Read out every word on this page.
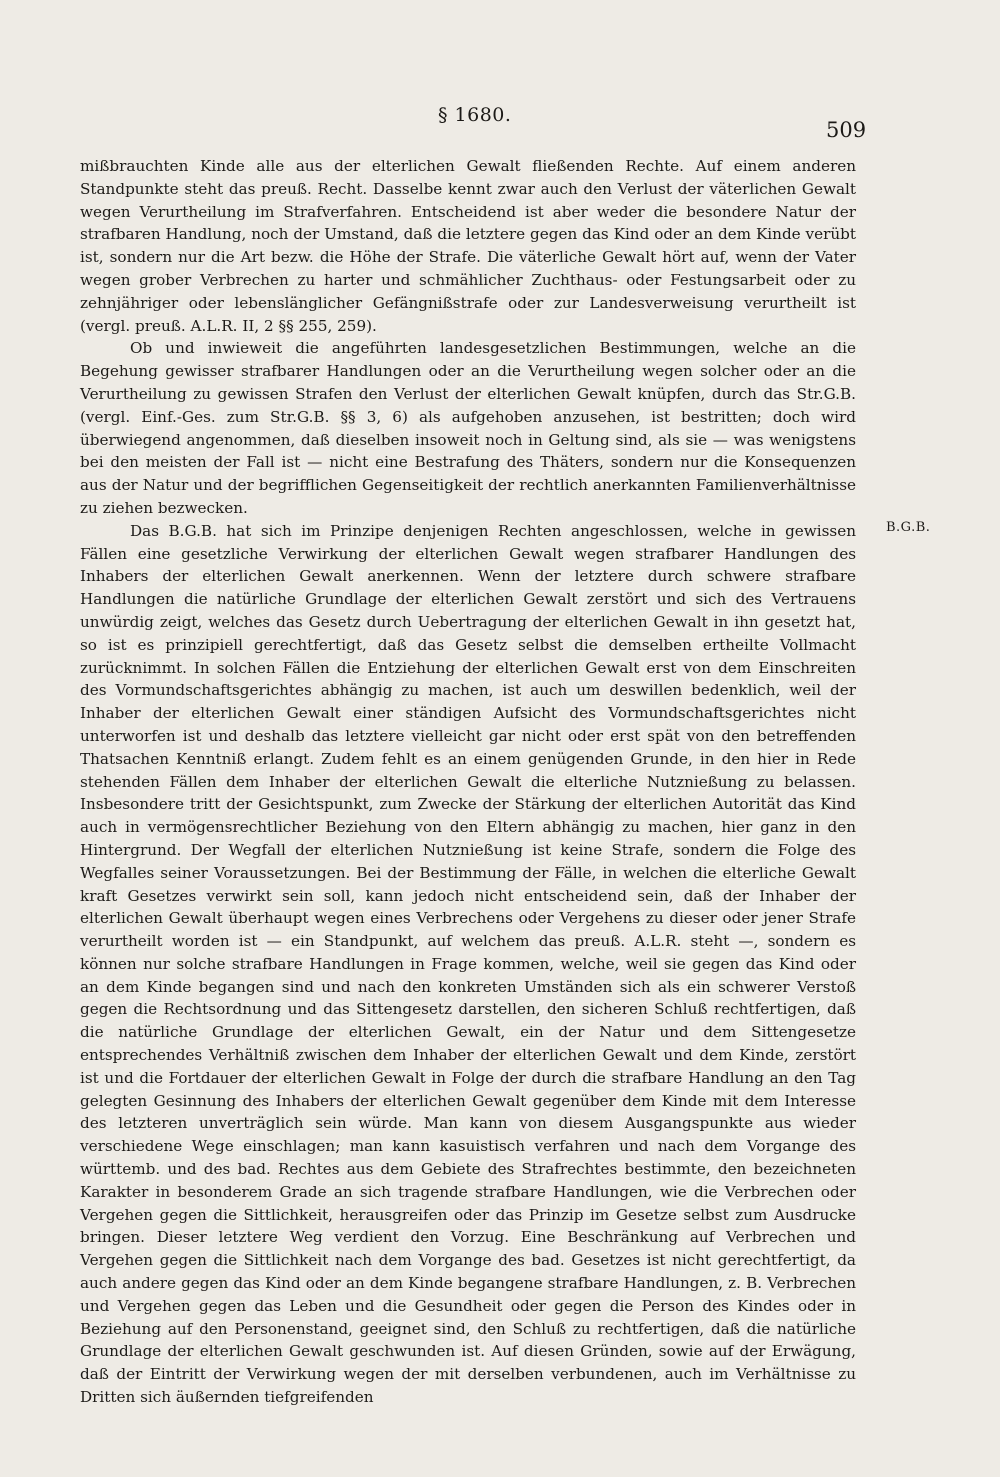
§ 1680.
509

mißbrauchten Kinde alle aus der elterlichen Gewalt fließenden Rechte. Auf einem anderen Standpunkte steht das preuß. Recht. Dasselbe kennt zwar auch den Verlust der väterlichen Gewalt wegen Verurtheilung im Strafverfahren. Entscheidend ist aber weder die besondere Natur der strafbaren Handlung, noch der Umstand, daß die letztere gegen das Kind oder an dem Kinde verübt ist, sondern nur die Art bezw. die Höhe der Strafe. Die väterliche Gewalt hört auf, wenn der Vater wegen grober Verbrechen zu harter und schmählicher Zuchthaus- oder Festungsarbeit oder zu zehnjähriger oder lebenslänglicher Gefängnißstrafe oder zur Landesverweisung verurtheilt ist (vergl. preuß. A.L.R. II, 2 §§ 255, 259).

Ob und inwieweit die angeführten landesgesetzlichen Bestimmungen, welche an die Begehung gewisser strafbarer Handlungen oder an die Verurtheilung wegen solcher oder an die Verurtheilung zu gewissen Strafen den Verlust der elterlichen Gewalt knüpfen, durch das Str.G.B. (vergl. Einf.-Ges. zum Str.G.B. §§ 3, 6) als aufgehoben anzusehen, ist bestritten; doch wird überwiegend angenommen, daß dieselben insoweit noch in Geltung sind, als sie — was wenigstens bei den meisten der Fall ist — nicht eine Bestrafung des Thäters, sondern nur die Konsequenzen aus der Natur und der begrifflichen Gegenseitigkeit der rechtlich anerkannten Familienverhältnisse zu ziehen bezwecken.

Das B.G.B. hat sich im Prinzipe denjenigen Rechten angeschlossen, welche in gewissen Fällen eine gesetzliche Verwirkung der elterlichen Gewalt wegen strafbarer Handlungen des Inhabers der elterlichen Gewalt anerkennen. Wenn der letztere durch schwere strafbare Handlungen die natürliche Grundlage der elterlichen Gewalt zerstört und sich des Vertrauens unwürdig zeigt, welches das Gesetz durch Uebertragung der elterlichen Gewalt in ihn gesetzt hat, so ist es prinzipiell gerechtfertigt, daß das Gesetz selbst die demselben ertheilte Vollmacht zurücknimmt. In solchen Fällen die Entziehung der elterlichen Gewalt erst von dem Einschreiten des Vormundschaftsgerichtes abhängig zu machen, ist auch um deswillen bedenklich, weil der Inhaber der elterlichen Gewalt einer ständigen Aufsicht des Vormundschaftsgerichtes nicht unterworfen ist und deshalb das letztere vielleicht gar nicht oder erst spät von den betreffenden Thatsachen Kenntniß erlangt. Zudem fehlt es an einem genügenden Grunde, in den hier in Rede stehenden Fällen dem Inhaber der elterlichen Gewalt die elterliche Nutznießung zu belassen. Insbesondere tritt der Gesichtspunkt, zum Zwecke der Stärkung der elterlichen Autorität das Kind auch in vermögensrechtlicher Beziehung von den Eltern abhängig zu machen, hier ganz in den Hintergrund. Der Wegfall der elterlichen Nutznießung ist keine Strafe, sondern die Folge des Wegfalles seiner Voraussetzungen. Bei der Bestimmung der Fälle, in welchen die elterliche Gewalt kraft Gesetzes verwirkt sein soll, kann jedoch nicht entscheidend sein, daß der Inhaber der elterlichen Gewalt überhaupt wegen eines Verbrechens oder Vergehens zu dieser oder jener Strafe verurtheilt worden ist — ein Standpunkt, auf welchem das preuß. A.L.R. steht —, sondern es können nur solche strafbare Handlungen in Frage kommen, welche, weil sie gegen das Kind oder an dem Kinde begangen sind und nach den konkreten Umständen sich als ein schwerer Verstoß gegen die Rechtsordnung und das Sittengesetz darstellen, den sicheren Schluß rechtfertigen, daß die natürliche Grundlage der elterlichen Gewalt, ein der Natur und dem Sittengesetze entsprechendes Verhältniß zwischen dem Inhaber der elterlichen Gewalt und dem Kinde, zerstört ist und die Fortdauer der elterlichen Gewalt in Folge der durch die strafbare Handlung an den Tag gelegten Gesinnung des Inhabers der elterlichen Gewalt gegenüber dem Kinde mit dem Interesse des letzteren unverträglich sein würde. Man kann von diesem Ausgangspunkte aus wieder verschiedene Wege einschlagen; man kann kasuistisch verfahren und nach dem Vorgange des württemb. und des bad. Rechtes aus dem Gebiete des Strafrechtes bestimmte, den bezeichneten Karakter in besonderem Grade an sich tragende strafbare Handlungen, wie die Verbrechen oder Vergehen gegen die Sittlichkeit, herausgreifen oder das Prinzip im Gesetze selbst zum Ausdrucke bringen. Dieser letztere Weg verdient den Vorzug. Eine Beschränkung auf Verbrechen und Vergehen gegen die Sittlichkeit nach dem Vorgange des bad. Gesetzes ist nicht gerechtfertigt, da auch andere gegen das Kind oder an dem Kinde begangene strafbare Handlungen, z. B. Verbrechen und Vergehen gegen das Leben und die Gesundheit oder gegen die Person des Kindes oder in Beziehung auf den Personenstand, geeignet sind, den Schluß zu rechtfertigen, daß die natürliche Grundlage der elterlichen Gewalt geschwunden ist. Auf diesen Gründen, sowie auf der Erwägung, daß der Eintritt der Verwirkung wegen der mit derselben verbundenen, auch im Verhältnisse zu Dritten sich äußernden tiefgreifenden

B.G.B.
